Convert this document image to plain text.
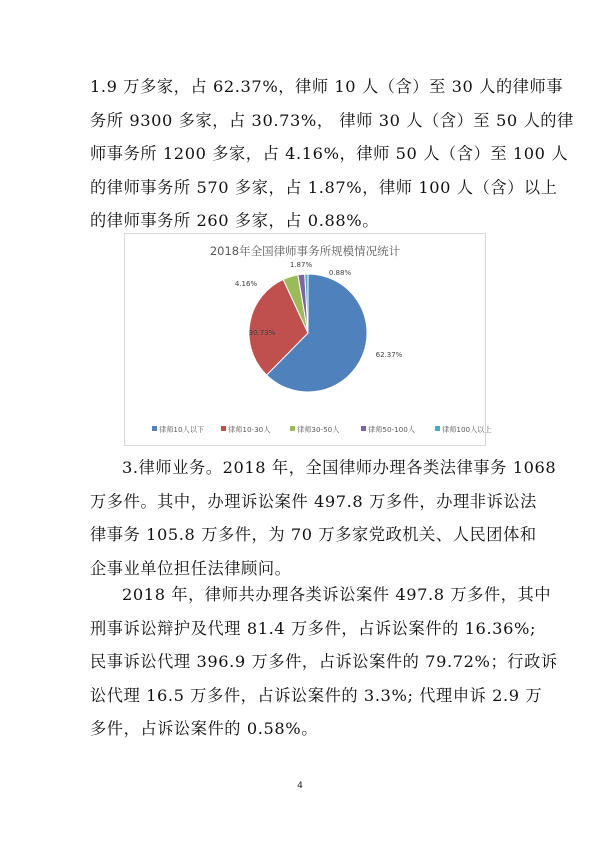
1.9 万多家，占 62.37%，律师 10 人（含）至 30 人的律师事
务所 9300 多家，占 30.73%， 律师 30 人（含）至 50 人的律
师事务所 1200 多家，占 4.16%，律师 50 人（含）至 100 人
的律师事务所 570 多家，占 1.87%，律师 100 人（含）以上
的律师事务所 260 多家，占 0.88%。
2018年全国律师事务所规模情况统计
62.37%
30.73%
4.16%
1.87%
0.88%
律师10人以下	律师10-30人	律师30-50人	律师50-100人	律师100人以上
3.律师业务。2018 年，全国律师办理各类法律事务 1068
万多件。其中，办理诉讼案件 497.8 万多件，办理非诉讼法
律事务 105.8 万多件，为 70 万多家党政机关、人民团体和
企事业单位担任法律顾问。
2018 年，律师共办理各类诉讼案件 497.8 万多件，其中
刑事诉讼辩护及代理 81.4 万多件，占诉讼案件的 16.36%;
民事诉讼代理 396.9 万多件，占诉讼案件的 79.72%；行政诉
讼代理 16.5 万多件，占诉讼案件的 3.3%; 代理申诉 2.9 万
多件，占诉讼案件的 0.58%。
4
